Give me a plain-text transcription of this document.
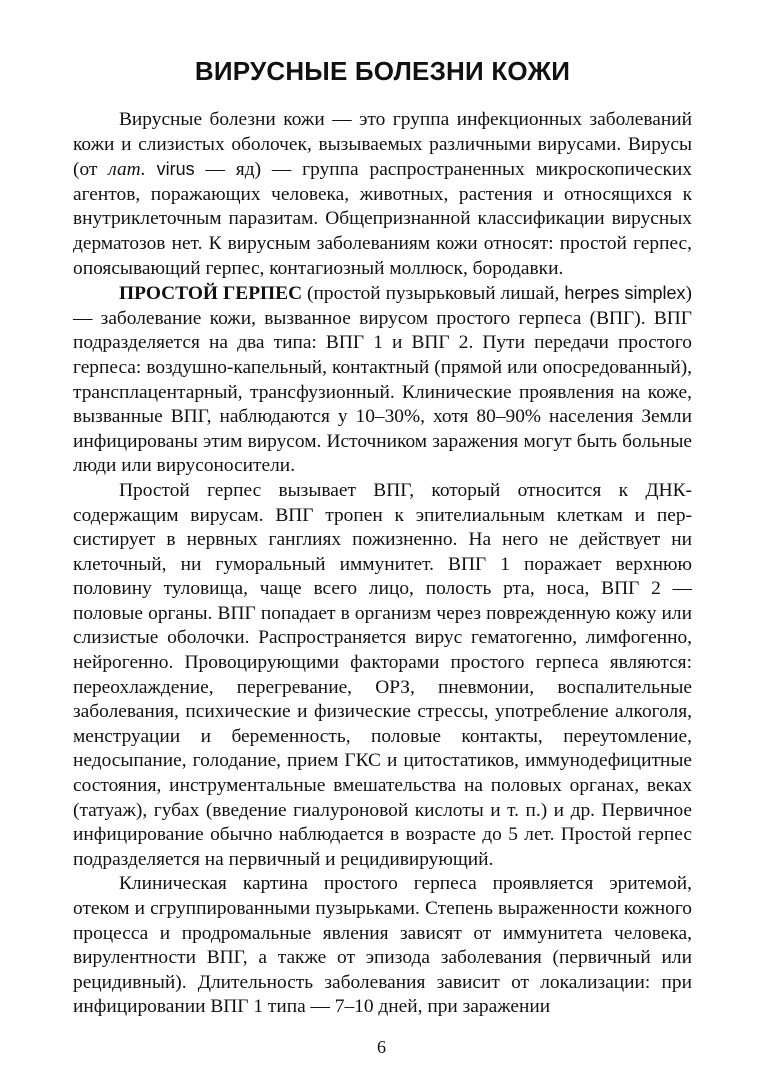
ВИРУСНЫЕ БОЛЕЗНИ КОЖИ

Вирусные болезни кожи — это группа инфекционных заболеваний кожи и слизистых оболочек, вызываемых различными вирусами. Вирусы (от лат. virus — яд) — группа распространенных микроскопических агентов, поражающих человека, животных, растения и относящихся к внутриклеточным паразитам. Общепризнанной классификации вирусных дерматозов нет. К вирусным заболеваниям кожи относят: простой герпес, опоясывающий герпес, контагиозный моллюск, бородавки.

ПРОСТОЙ ГЕРПЕС (простой пузырьковый лишай, herpes simplex) — заболевание кожи, вызванное вирусом простого герпеса (ВПГ). ВПГ подразделяется на два типа: ВПГ 1 и ВПГ 2. Пути передачи простого герпеса: воздушно-капельный, контактный (прямой или опосредованный), трансплацентарный, трансфузионный. Клинические проявления на коже, вызванные ВПГ, наблюдаются у 10–30%, хотя 80–90% населения Земли инфицированы этим вирусом. Источником заражения могут быть больные люди или вирусоносители.

Простой герпес вызывает ВПГ, который относится к ДНК-содержащим вирусам. ВПГ тропен к эпителиальным клеткам и персистирует в нервных ганглиях пожизненно. На него не действует ни клеточный, ни гуморальный иммунитет. ВПГ 1 поражает верхнюю половину туловища, чаще всего лицо, полость рта, носа, ВПГ 2 — половые органы. ВПГ попадает в организм через поврежденную кожу или слизистые оболочки. Распространяется вирус гематогенно, лимфогенно, нейрогенно. Провоцирующими факторами простого герпеса являются: переохлаждение, перегревание, ОРЗ, пневмонии, воспалительные заболевания, психические и физические стрессы, употребление алкоголя, менструации и беременность, половые контакты, переутомление, недосыпание, голодание, прием ГКС и цитостатиков, иммунодефицитные состояния, инструментальные вмешательства на половых органах, веках (татуаж), губах (введение гиалуроновой кислоты и т. п.) и др. Первичное инфицирование обычно наблюдается в возрасте до 5 лет. Простой герпес подразделяется на первичный и рецидивирующий.

Клиническая картина простого герпеса проявляется эритемой, отеком и сгруппированными пузырьками. Степень выраженности кожного процесса и продромальные явления зависят от иммунитета человека, вирулентности ВПГ, а также от эпизода заболевания (первичный или рецидивный). Длительность заболевания зависит от локализации: при инфицировании ВПГ 1 типа — 7–10 дней, при заражении

6
